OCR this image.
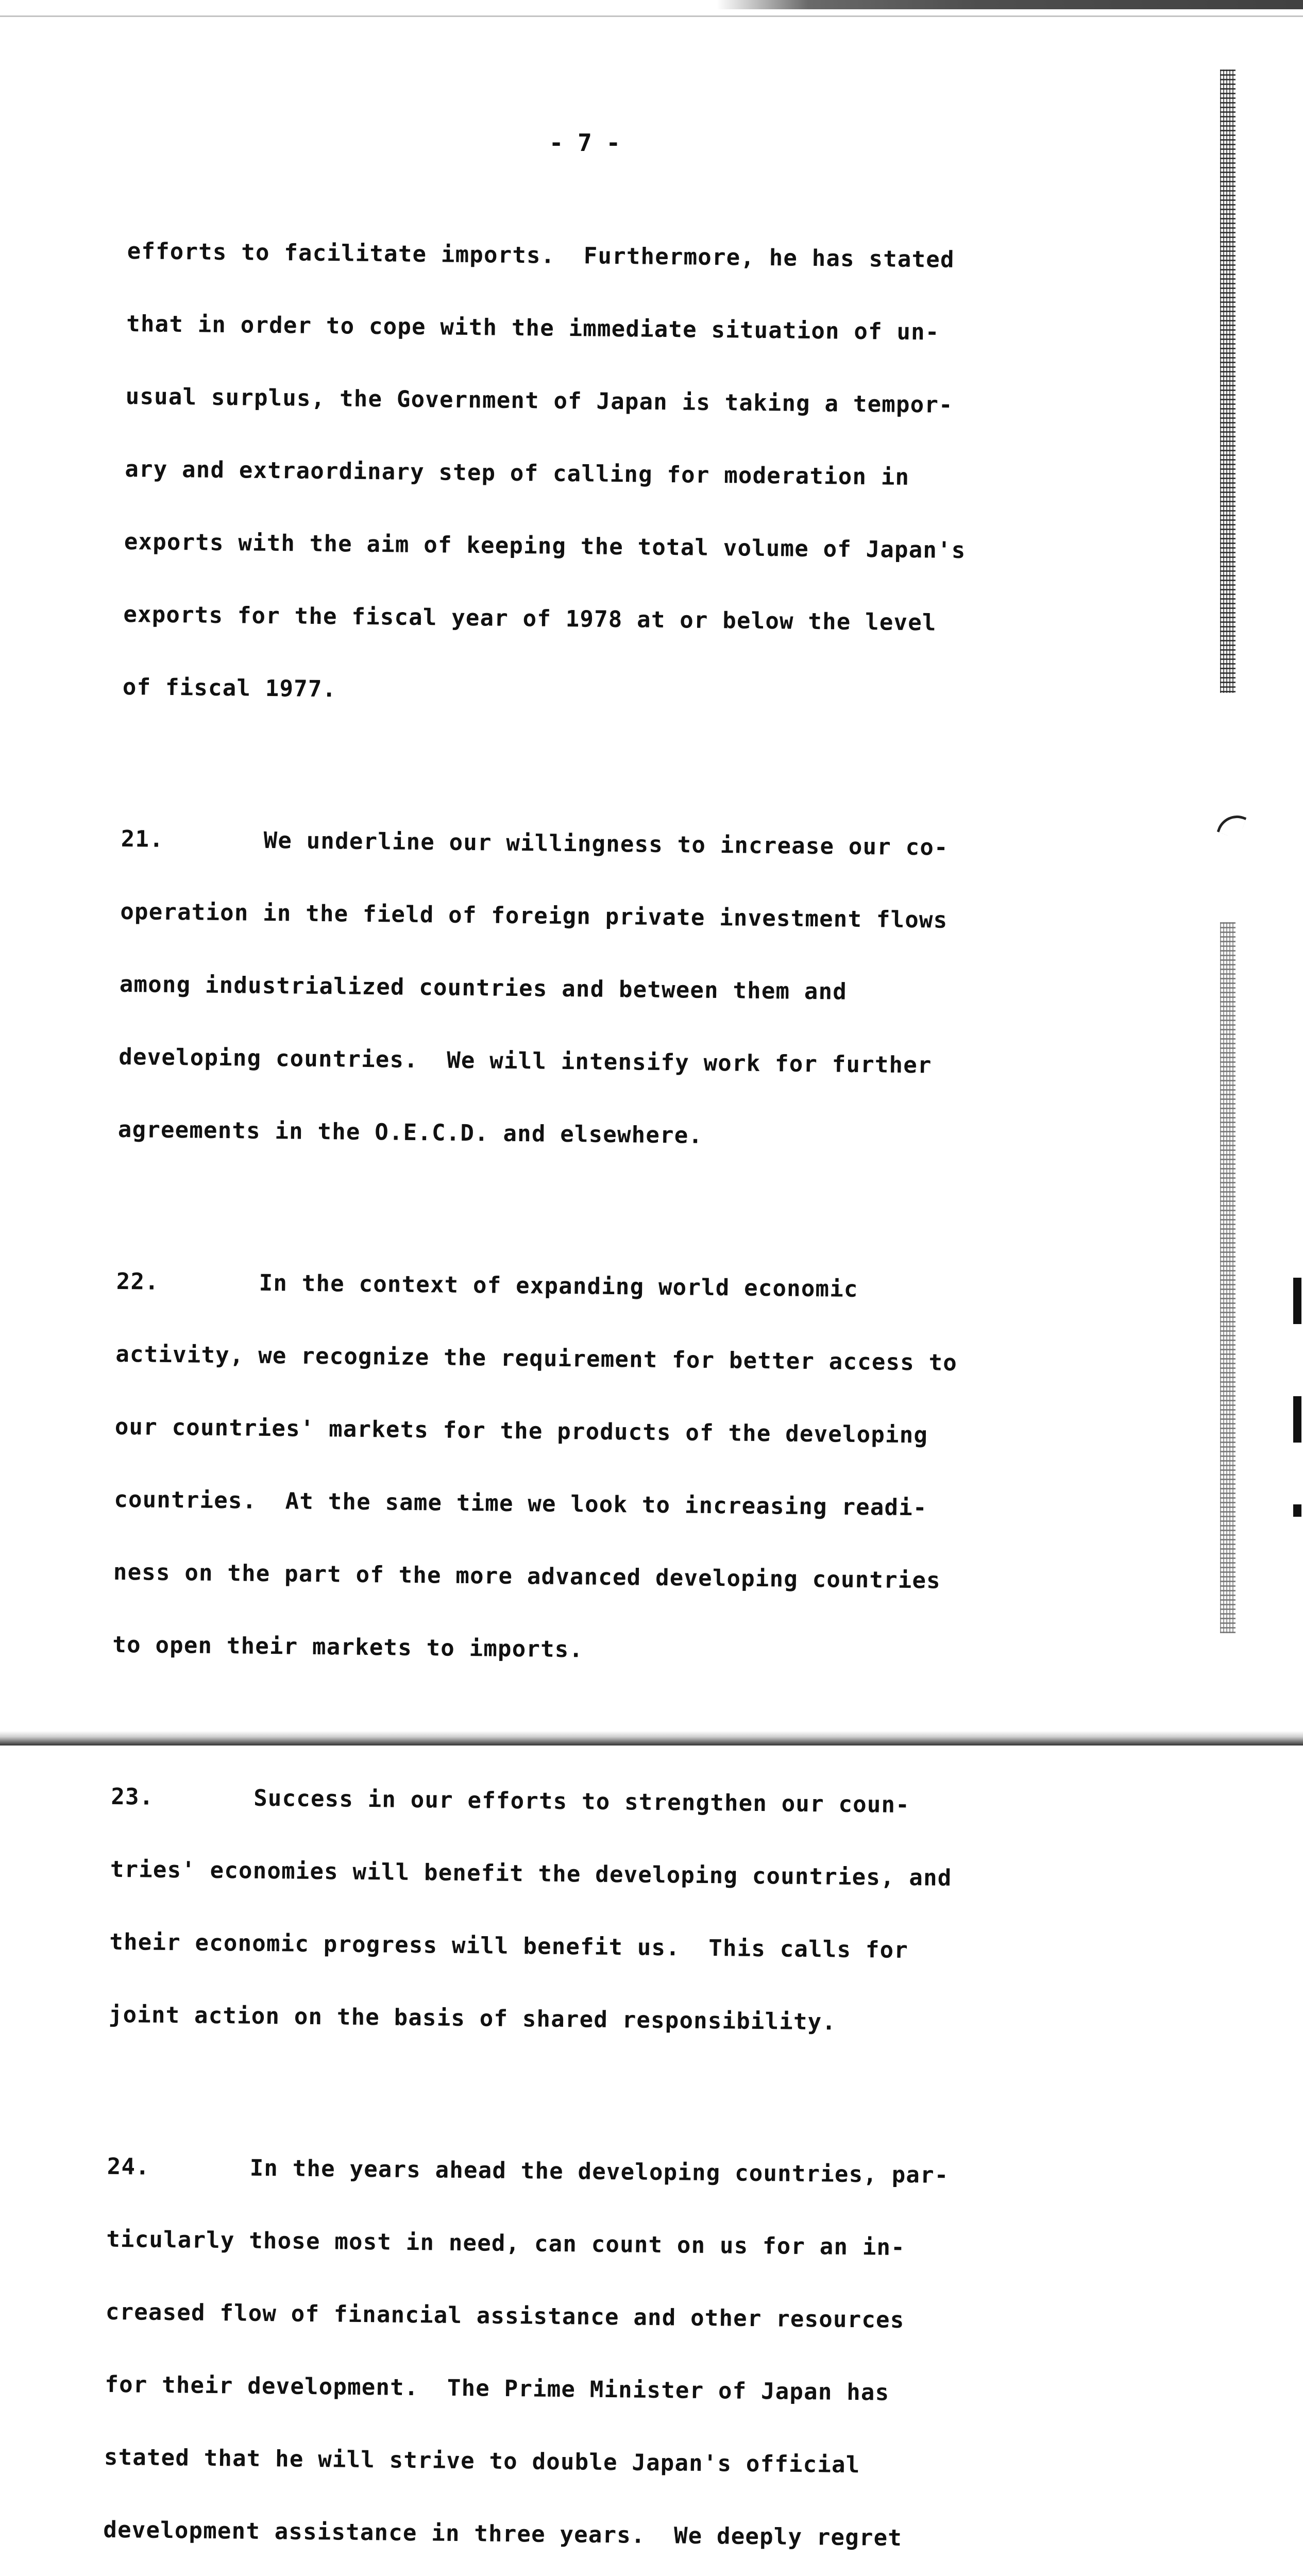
- 7 -

efforts to facilitate imports.  Furthermore, he has stated

that in order to cope with the immediate situation of un-

usual surplus, the Government of Japan is taking a tempor-

ary and extraordinary step of calling for moderation in

exports with the aim of keeping the total volume of Japan's

exports for the fiscal year of 1978 at or below the level

of fiscal 1977.

21.       We underline our willingness to increase our co-

operation in the field of foreign private investment flows

among industrialized countries and between them and

developing countries.  We will intensify work for further

agreements in the O.E.C.D. and elsewhere.

22.       In the context of expanding world economic

activity, we recognize the requirement for better access to

our countries' markets for the products of the developing

countries.  At the same time we look to increasing readi-

ness on the part of the more advanced developing countries

to open their markets to imports.

23.       Success in our efforts to strengthen our coun-

tries' economies will benefit the developing countries, and

their economic progress will benefit us.  This calls for

joint action on the basis of shared responsibility.

24.       In the years ahead the developing countries, par-

ticularly those most in need, can count on us for an in-

creased flow of financial assistance and other resources

for their development.  The Prime Minister of Japan has

stated that he will strive to double Japan's official

development assistance in three years.  We deeply regret
